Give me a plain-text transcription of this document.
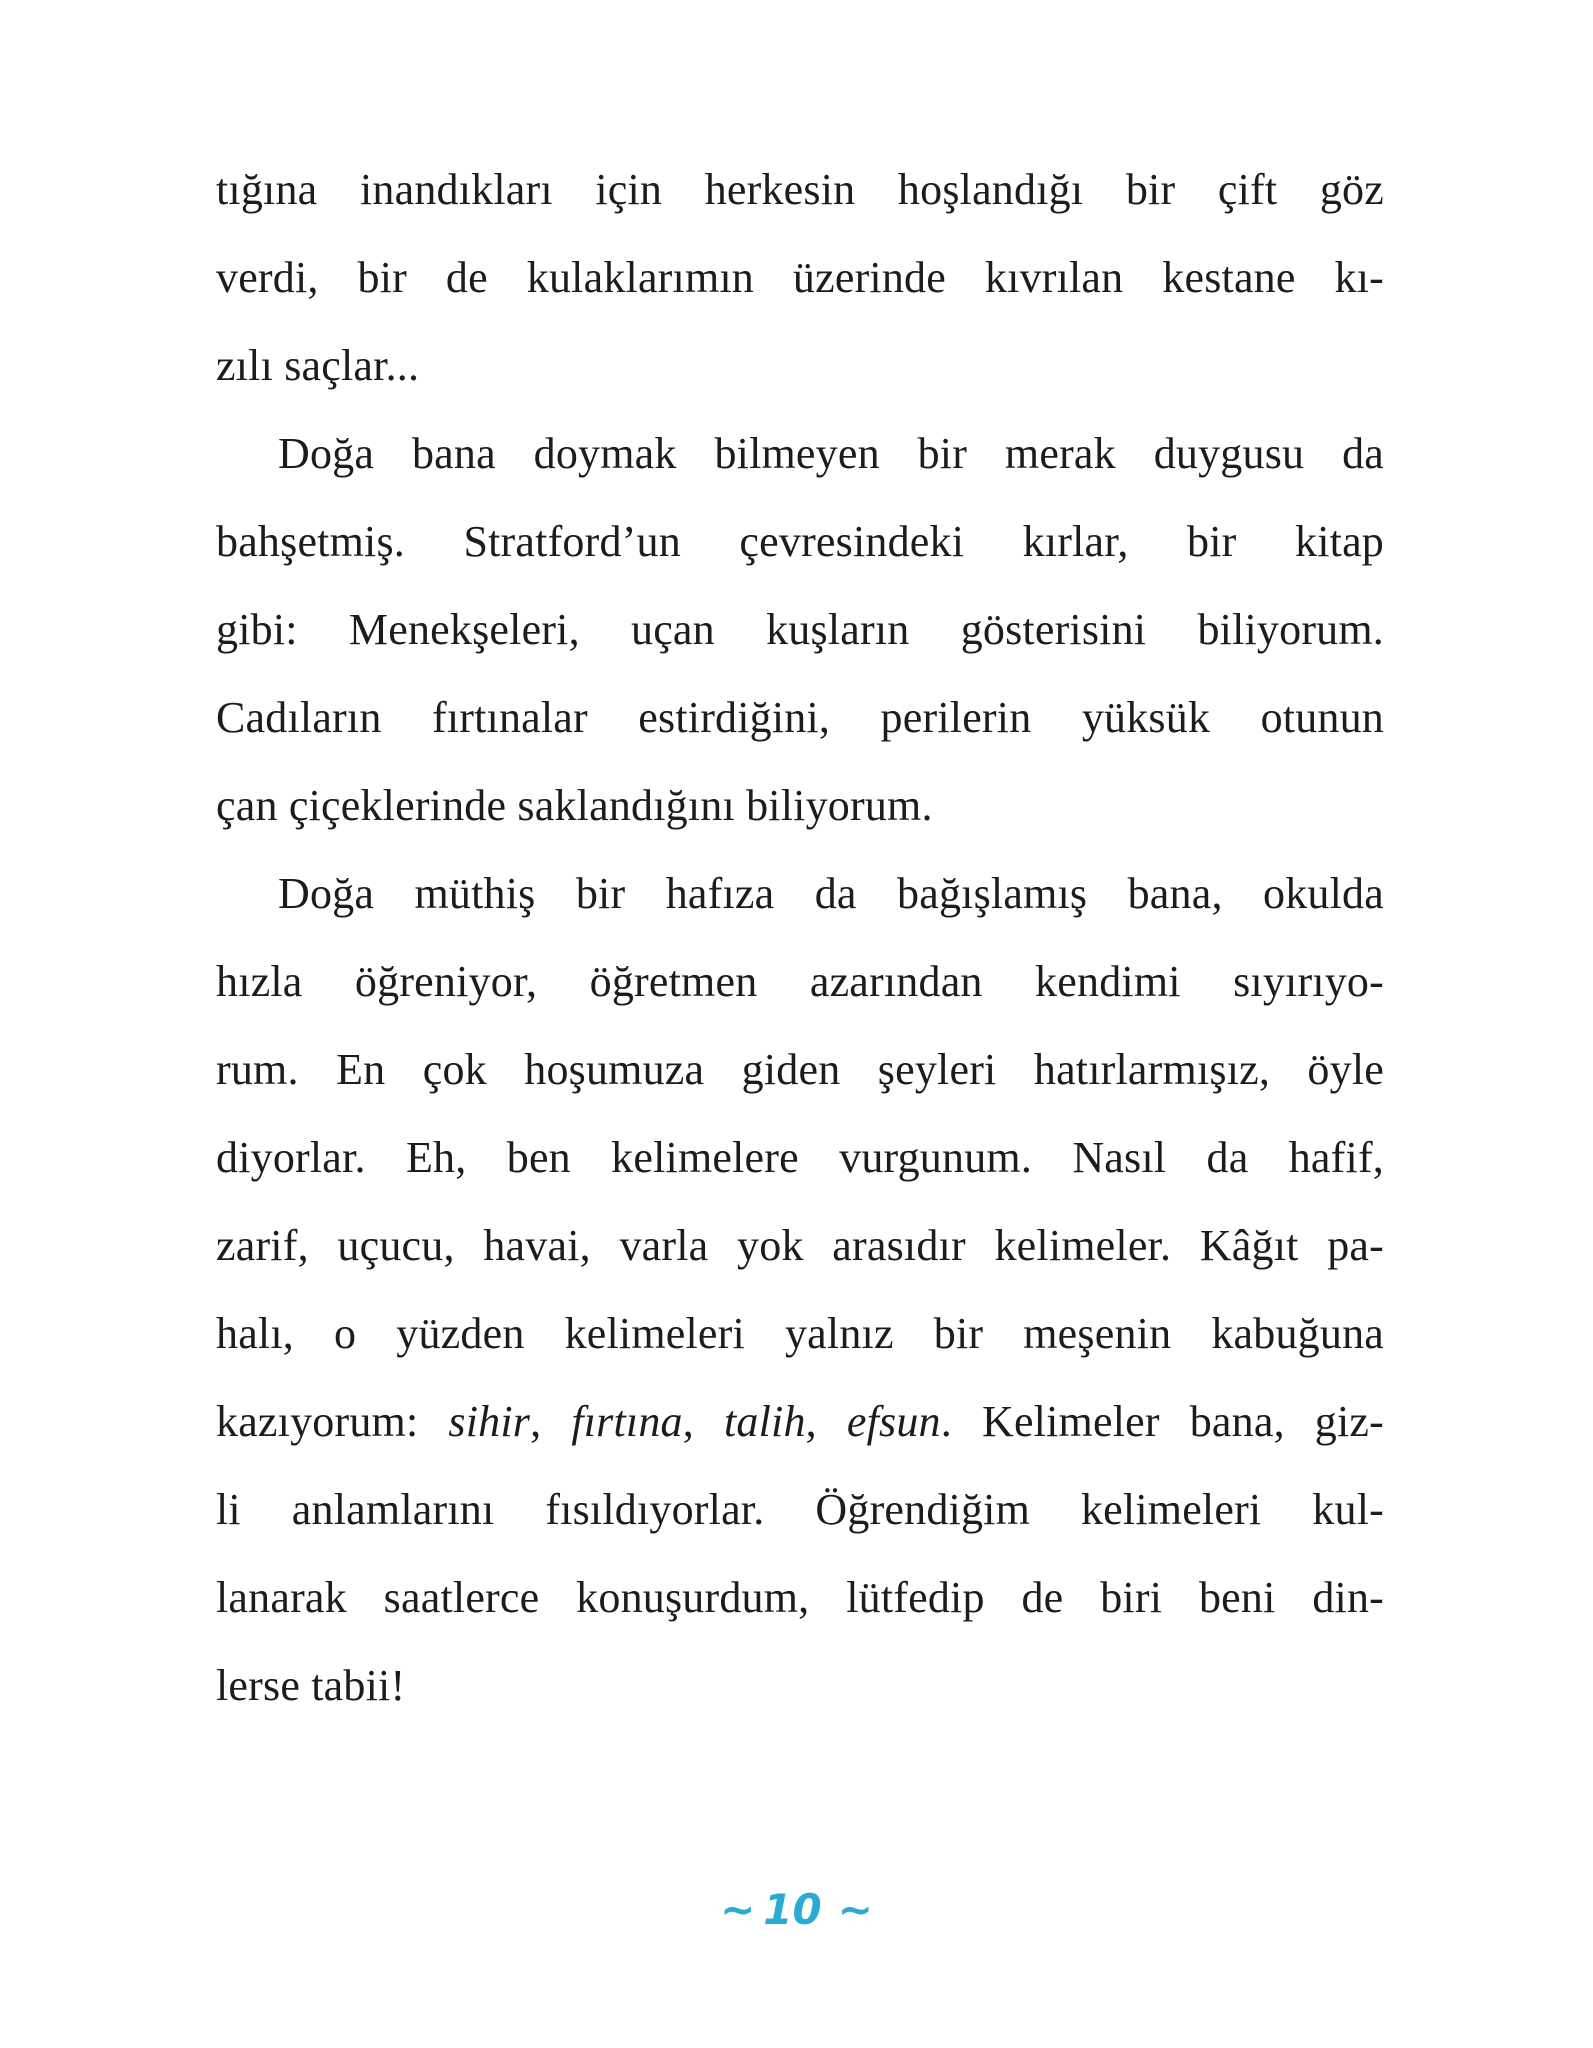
tığına inandıkları için herkesin hoşlandığı bir çift göz
verdi, bir de kulaklarımın üzerinde kıvrılan kestane kı-
zılı saçlar...
Doğa bana doymak bilmeyen bir merak duygusu da
bahşetmiş. Stratford’un çevresindeki kırlar, bir kitap
gibi: Menekşeleri, uçan kuşların gösterisini biliyorum.
Cadıların fırtınalar estirdiğini, perilerin yüksük otunun
çan çiçeklerinde saklandığını biliyorum.
Doğa müthiş bir hafıza da bağışlamış bana, okulda
hızla öğreniyor, öğretmen azarından kendimi sıyırıyo-
rum. En çok hoşumuza giden şeyleri hatırlarmışız, öyle
diyorlar. Eh, ben kelimelere vurgunum. Nasıl da hafif,
zarif, uçucu, havai, varla yok arasıdır kelimeler. Kâğıt pa-
halı, o yüzden kelimeleri yalnız bir meşenin kabuğuna
kazıyorum: sihir, fırtına, talih, efsun. Kelimeler bana, giz-
li anlamlarını fısıldıyorlar. Öğrendiğim kelimeleri kul-
lanarak saatlerce konuşurdum, lütfedip de biri beni din-
lerse tabii!
~ 10 ~
